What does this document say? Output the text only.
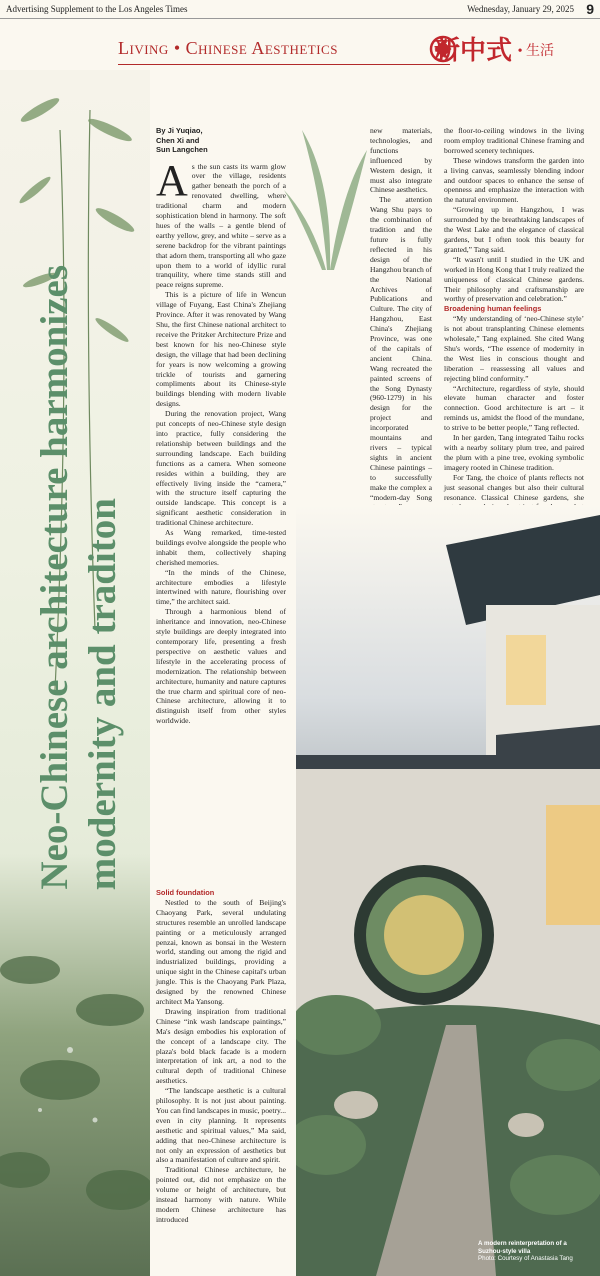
Advertising Supplement to the Los Angeles Times	Wednesday, January 29, 2025 9
Living • Chinese Aesthetics	新中式 • 生活
Neo-Chinese architecture harmonizes modernity and traditon
By Ji Yuqiao,
Chen Xi and
Sun Langchen

As the sun casts its warm glow over the village, residents gather beneath the porch of a renovated dwelling, where traditional charm and modern sophistication blend in harmony. The soft hues of the walls – a gentle blend of earthy yellow, grey, and white – serve as a serene backdrop for the vibrant paintings that adorn them, transporting all who gaze upon them to a world of idyllic rural tranquility, where time stands still and peace reigns supreme.

This is a picture of life in Wencun village of Fuyang, East China's Zhejiang Province. After it was renovated by Wang Shu, the first Chinese national architect to receive the Pritzker Architecture Prize and best known for his neo-Chinese style design, the village that had been declining for years is now welcoming a growing trickle of tourists and garnering compliments about its Chinese-style buildings blending with modern livable designs.

During the renovation project, Wang put concepts of neo-Chinese style design into practice, fully considering the relationship between buildings and the surrounding landscape. Each building functions as a camera. When someone resides within a building, they are effectively living inside the “camera,” with the structure itself capturing the outside landscape. This concept is a significant aesthetic consideration in traditional Chinese architecture.

As Wang remarked, time-tested buildings evolve alongside the people who inhabit them, collectively shaping cherished memories.

“In the minds of the Chinese, architecture embodies a lifestyle intertwined with nature, flourishing over time,” the architect said.

Through a harmonious blend of inheritance and innovation, neo-Chinese style buildings are deeply integrated into contemporary life, presenting a fresh perspective on aesthetic values and lifestyle in the accelerating process of modernization. The relationship between architecture, humanity and nature captures the true charm and spiritual core of neo-Chinese architecture, allowing it to distinguish itself from other styles worldwide.

Solid foundation

Nestled to the south of Beijing's Chaoyang Park, several undulating structures resemble an unrolled landscape painting or a meticulously arranged penzai, known as bonsai in the Western world, standing out among the rigid and industrialized buildings, providing a unique sight in the Chinese capital's urban jungle. This is the Chaoyang Park Plaza, designed by the renowned Chinese architect Ma Yansong.

Drawing inspiration from traditional Chinese “ink wash landscape paintings,” Ma's design embodies his exploration of the concept of a landscape city. The plaza's bold black facade is a modern interpretation of ink art, a nod to the cultural depth of traditional Chinese aesthetics.

“The landscape aesthetic is a cultural philosophy. It is not just about painting. You can find landscapes in music, poetry... even in city planning. It represents aesthetic and spiritual values,” Ma said, adding that neo-Chinese architecture is not only an expression of aesthetics but also a manifestation of culture and spirit.

Traditional Chinese architecture, he pointed out, did not emphasize on the volume or height of architecture, but instead harmony with nature. While modern Chinese architecture has introduced

new materials, technologies, and functions influenced by Western design, it must also integrate Chinese aesthetics.

The attention Wang Shu pays to the combination of tradition and the future is fully reflected in his design of the Hangzhou branch of the National Archives of Publications and Culture. The city of Hangzhou, East China's Zhejiang Province, was one of the capitals of ancient China. Wang recreated the painted screens of the Song Dynasty (960-1279) in his design for the project and incorporated mountains and rivers – typical sights in ancient Chinese paintings – to successfully make the complex a “modern-day Song

the floor-to-ceiling windows in the living room employ traditional Chinese framing and borrowed scenery techniques.

These windows transform the garden into a living canvas, seamlessly blending indoor and outdoor spaces to enhance the sense of openness and emphasize the interaction with the natural environment.

“Growing up in Hangzhou, I was surrounded by the breathtaking landscapes of the West Lake and the elegance of classical gardens, but I often took this beauty for granted,” Tang said.

“It wasn't until I studied in the UK and worked in Hong Kong that I truly realized the uniqueness of classical Chinese gardens. Their philosophy and craftsmanship are worthy of preservation and celebration.”

Broadening human feelings

“My understanding of ‘neo-Chinese style’ is not about transplanting Chinese elements wholesale,” Tang explained. She cited Wang Shu's words, “The essence of modernity in the West lies in conscious thought and liberation – reassessing all values and rejecting blind conformity.”

“Architecture, regardless of style, should elevate human character and foster connection. Good architecture is art – it reminds us, amidst the flood of the mundane, to strive to be better people,” Tang reflected.

In her garden, Tang integrated Taihu rocks with a nearby solitary plum tree, and paired the plum with a pine tree, evoking symbolic imagery rooted in Chinese tradition.

For Tang, the choice of plants reflects not just seasonal changes but also their cultural resonance. Classical Chinese gardens, she

A modern reinterpretation of a Suzhou-style villa
Photo: Courtesy of Anastasia Tang
